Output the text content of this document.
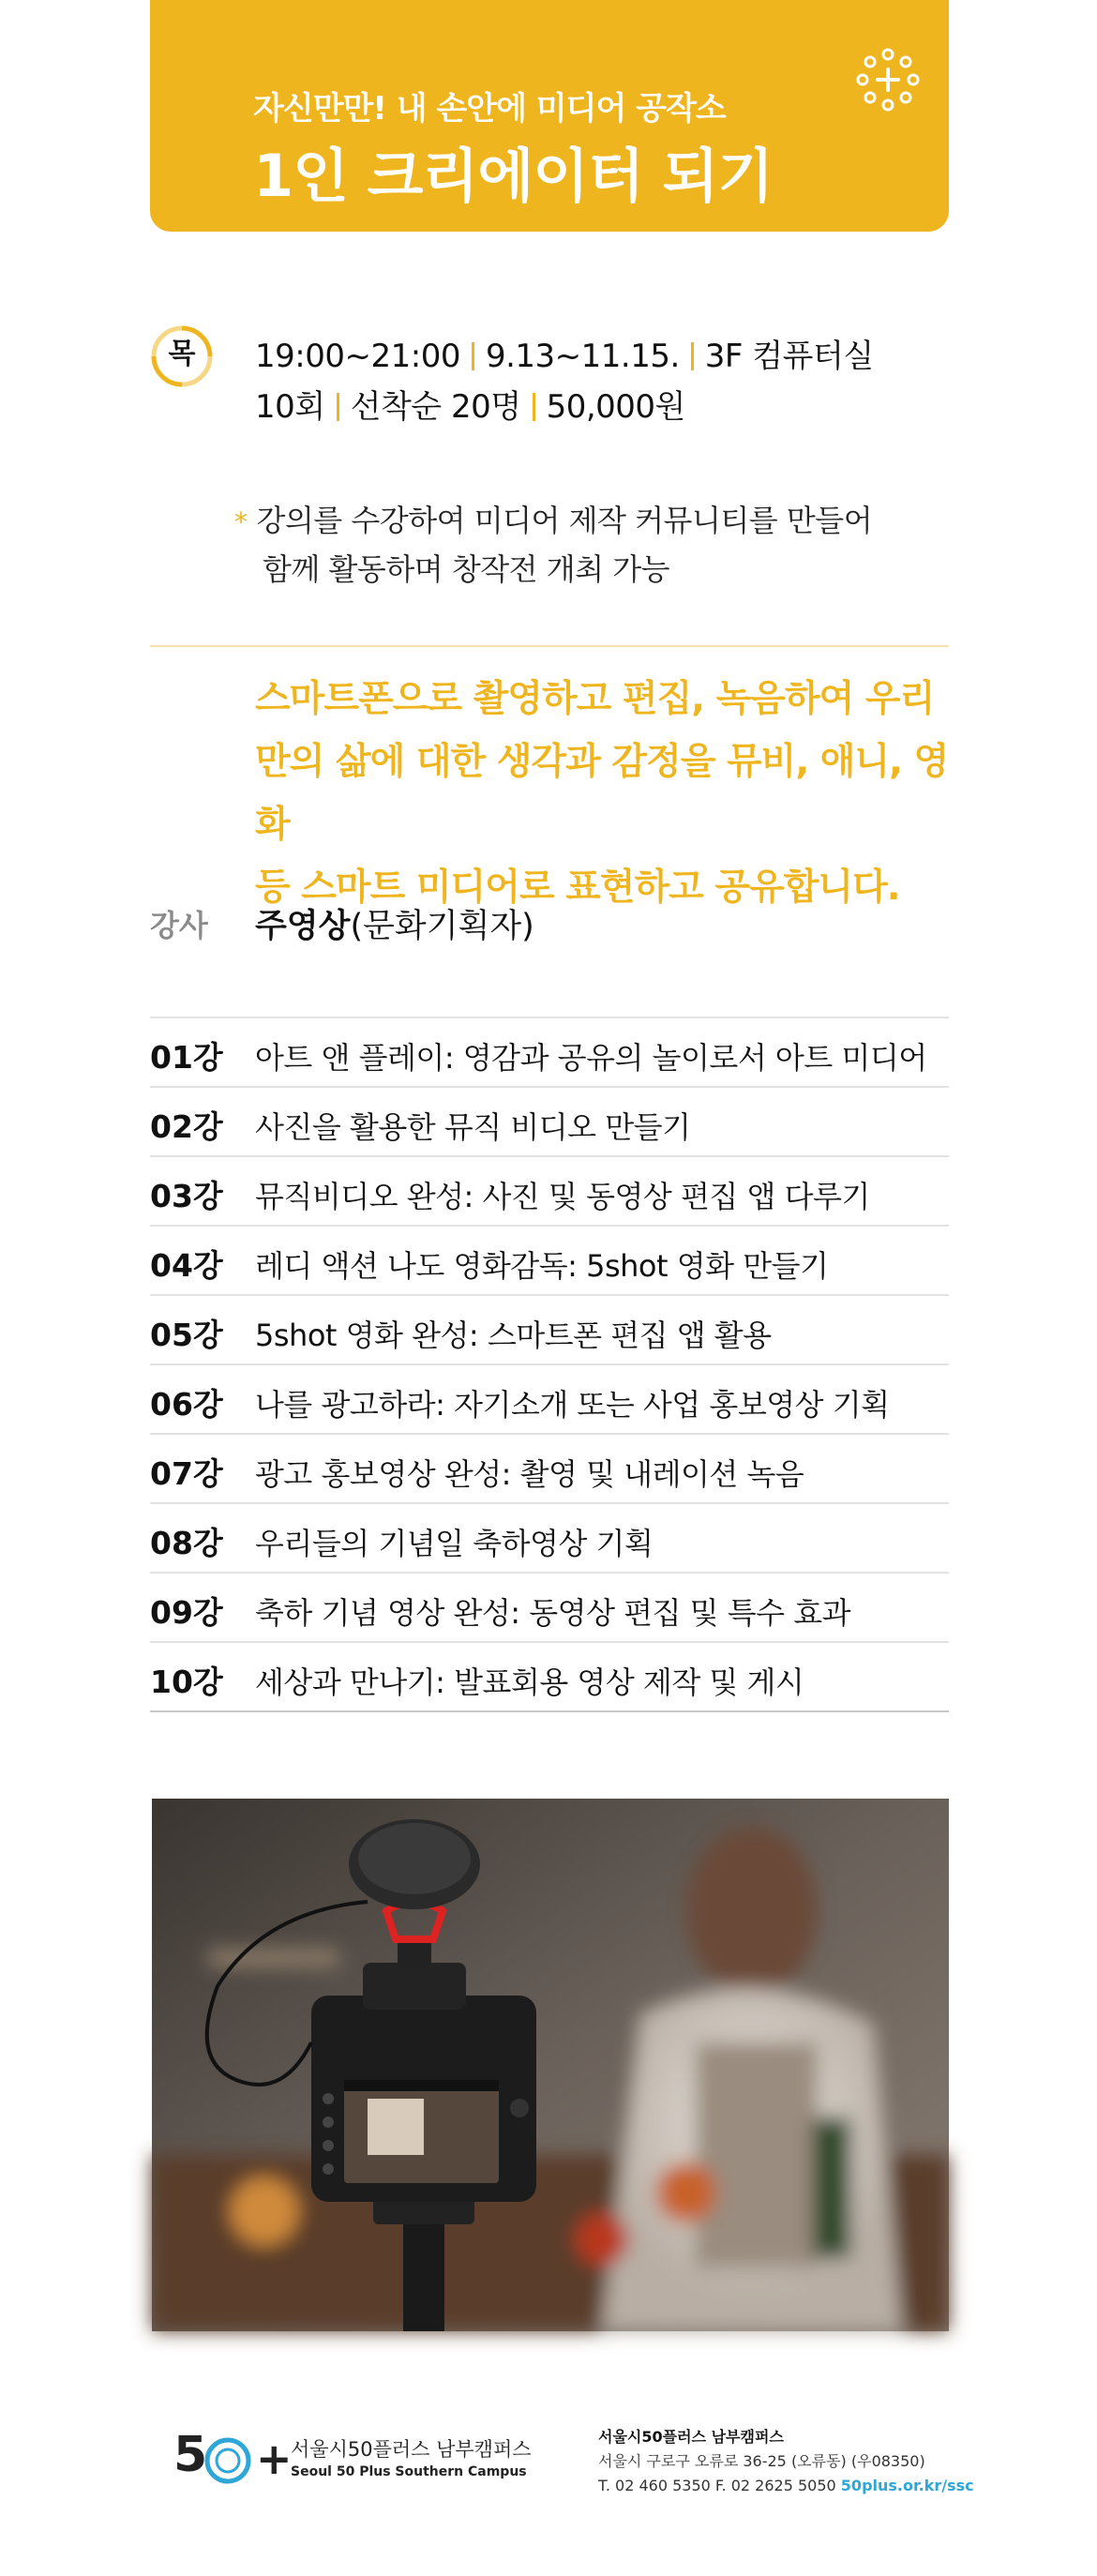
자신만만! 내 손안에 미디어 공작소
1인 크리에이터 되기
목	19:00~21:00 9.13~11.15. 3F 컴퓨터실
10회 선착순 20명 50,000원
* 강의를 수강하여 미디어 제작 커뮤니티를 만들어
함께 활동하며 창작전 개최 가능
스마트폰으로 촬영하고 편집, 녹음하여 우리
만의 삶에 대한 생각과 감정을 뮤비, 애니, 영화
등 스마트 미디어로 표현하고 공유합니다.
강사 주영상(문화기획자)
01강 아트 앤 플레이: 영감과 공유의 놀이로서 아트 미디어
02강 사진을 활용한 뮤직 비디오 만들기
03강 뮤직비디오 완성: 사진 및 동영상 편집 앱 다루기
04강 레디 액션 나도 영화감독: 5shot 영화 만들기
05강 5shot 영화 완성: 스마트폰 편집 앱 활용
06강 나를 광고하라: 자기소개 또는 사업 홍보영상 기획
07강 광고 홍보영상 완성: 촬영 및 내레이션 녹음
08강 우리들의 기념일 축하영상 기획
09강 축하 기념 영상 완성: 동영상 편집 및 특수 효과
10강 세상과 만나기: 발표회용 영상 제작 및 게시
5 +
서울시50플러스 남부캠퍼스
Seoul 50 Plus Southern Campus
서울시50플러스 남부캠퍼스
서울시 구로구 오류로 36-25 (오류동) (우08350)
T. 02 460 5350 F. 02 2625 5050 50plus.or.kr/ssc
